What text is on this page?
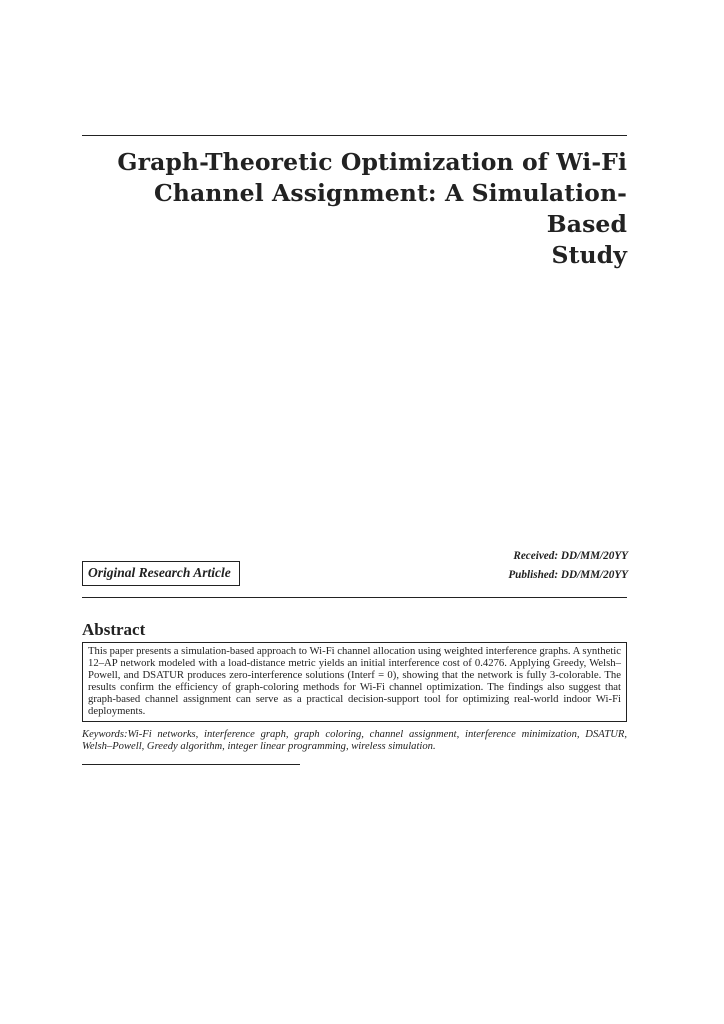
Graph-Theoretic Optimization of Wi-Fi
Channel Assignment: A Simulation-Based
Study
Original Research Article
Received: DD/MM/20YY
Published: DD/MM/20YY
Abstract

This paper presents a simulation-based approach to Wi-Fi channel allocation using weighted interference graphs. A synthetic 12–AP network modeled with a load-distance metric yields an initial interference cost of 0.4276. Applying Greedy, Welsh–Powell, and DSATUR produces zero-interference solutions (Interf = 0), showing that the network is fully 3-colorable. The results confirm the efficiency of graph-coloring methods for Wi-Fi channel optimization. The findings also suggest that graph-based channel assignment can serve as a practical decision-support tool for optimizing real-world indoor Wi-Fi deployments.

Keywords:Wi-Fi networks, interference graph, graph coloring, channel assignment, interference minimization, DSATUR, Welsh–Powell, Greedy algorithm, integer linear programming, wireless simulation.
